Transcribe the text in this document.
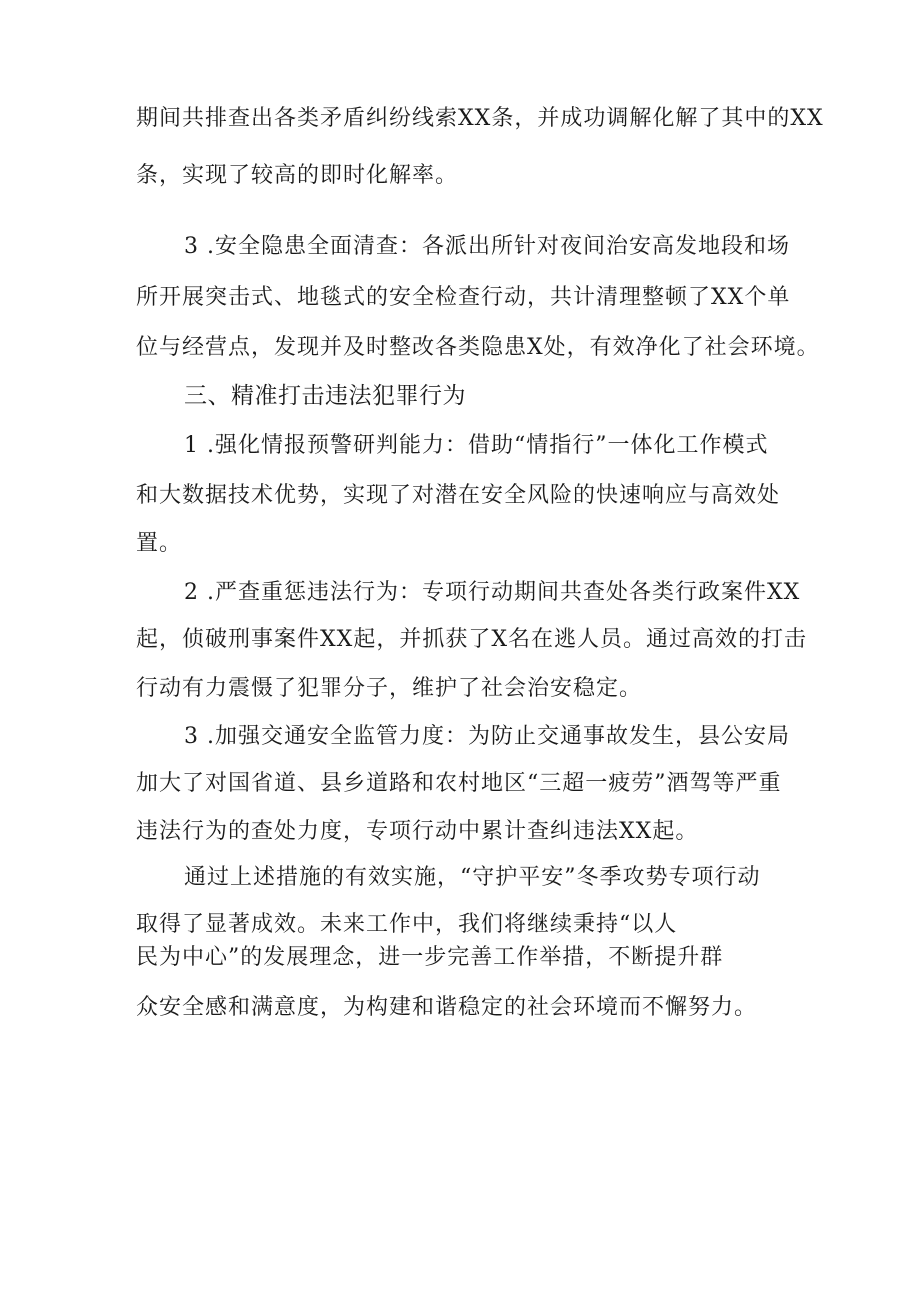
期间共排查出各类矛盾纠纷线索XX条，并成功调解化解了其中的XX
条，实现了较高的即时化解率。
3 .安全隐患全面清查：各派出所针对夜间治安高发地段和场
所开展突击式、地毯式的安全检查行动，共计清理整顿了XX个单
位与经营点，发现并及时整改各类隐患X处，有效净化了社会环境。
三、精准打击违法犯罪行为
1 .强化情报预警研判能力：借助“情指行”一体化工作模式
和大数据技术优势，实现了对潜在安全风险的快速响应与高效处
置。
2 .严查重惩违法行为：专项行动期间共查处各类行政案件XX
起，侦破刑事案件XX起，并抓获了X名在逃人员。通过高效的打击
行动有力震慑了犯罪分子，维护了社会治安稳定。
3 .加强交通安全监管力度：为防止交通事故发生，县公安局
加大了对国省道、县乡道路和农村地区“三超一疲劳”酒驾等严重
违法行为的查处力度，专项行动中累计查纠违法XX起。
通过上述措施的有效实施，“守护平安”冬季攻势专项行动
取得了显著成效。未来工作中，我们将继续秉持“以人
民为中心”的发展理念，进一步完善工作举措，不断提升群
众安全感和满意度，为构建和谐稳定的社会环境而不懈努力。
